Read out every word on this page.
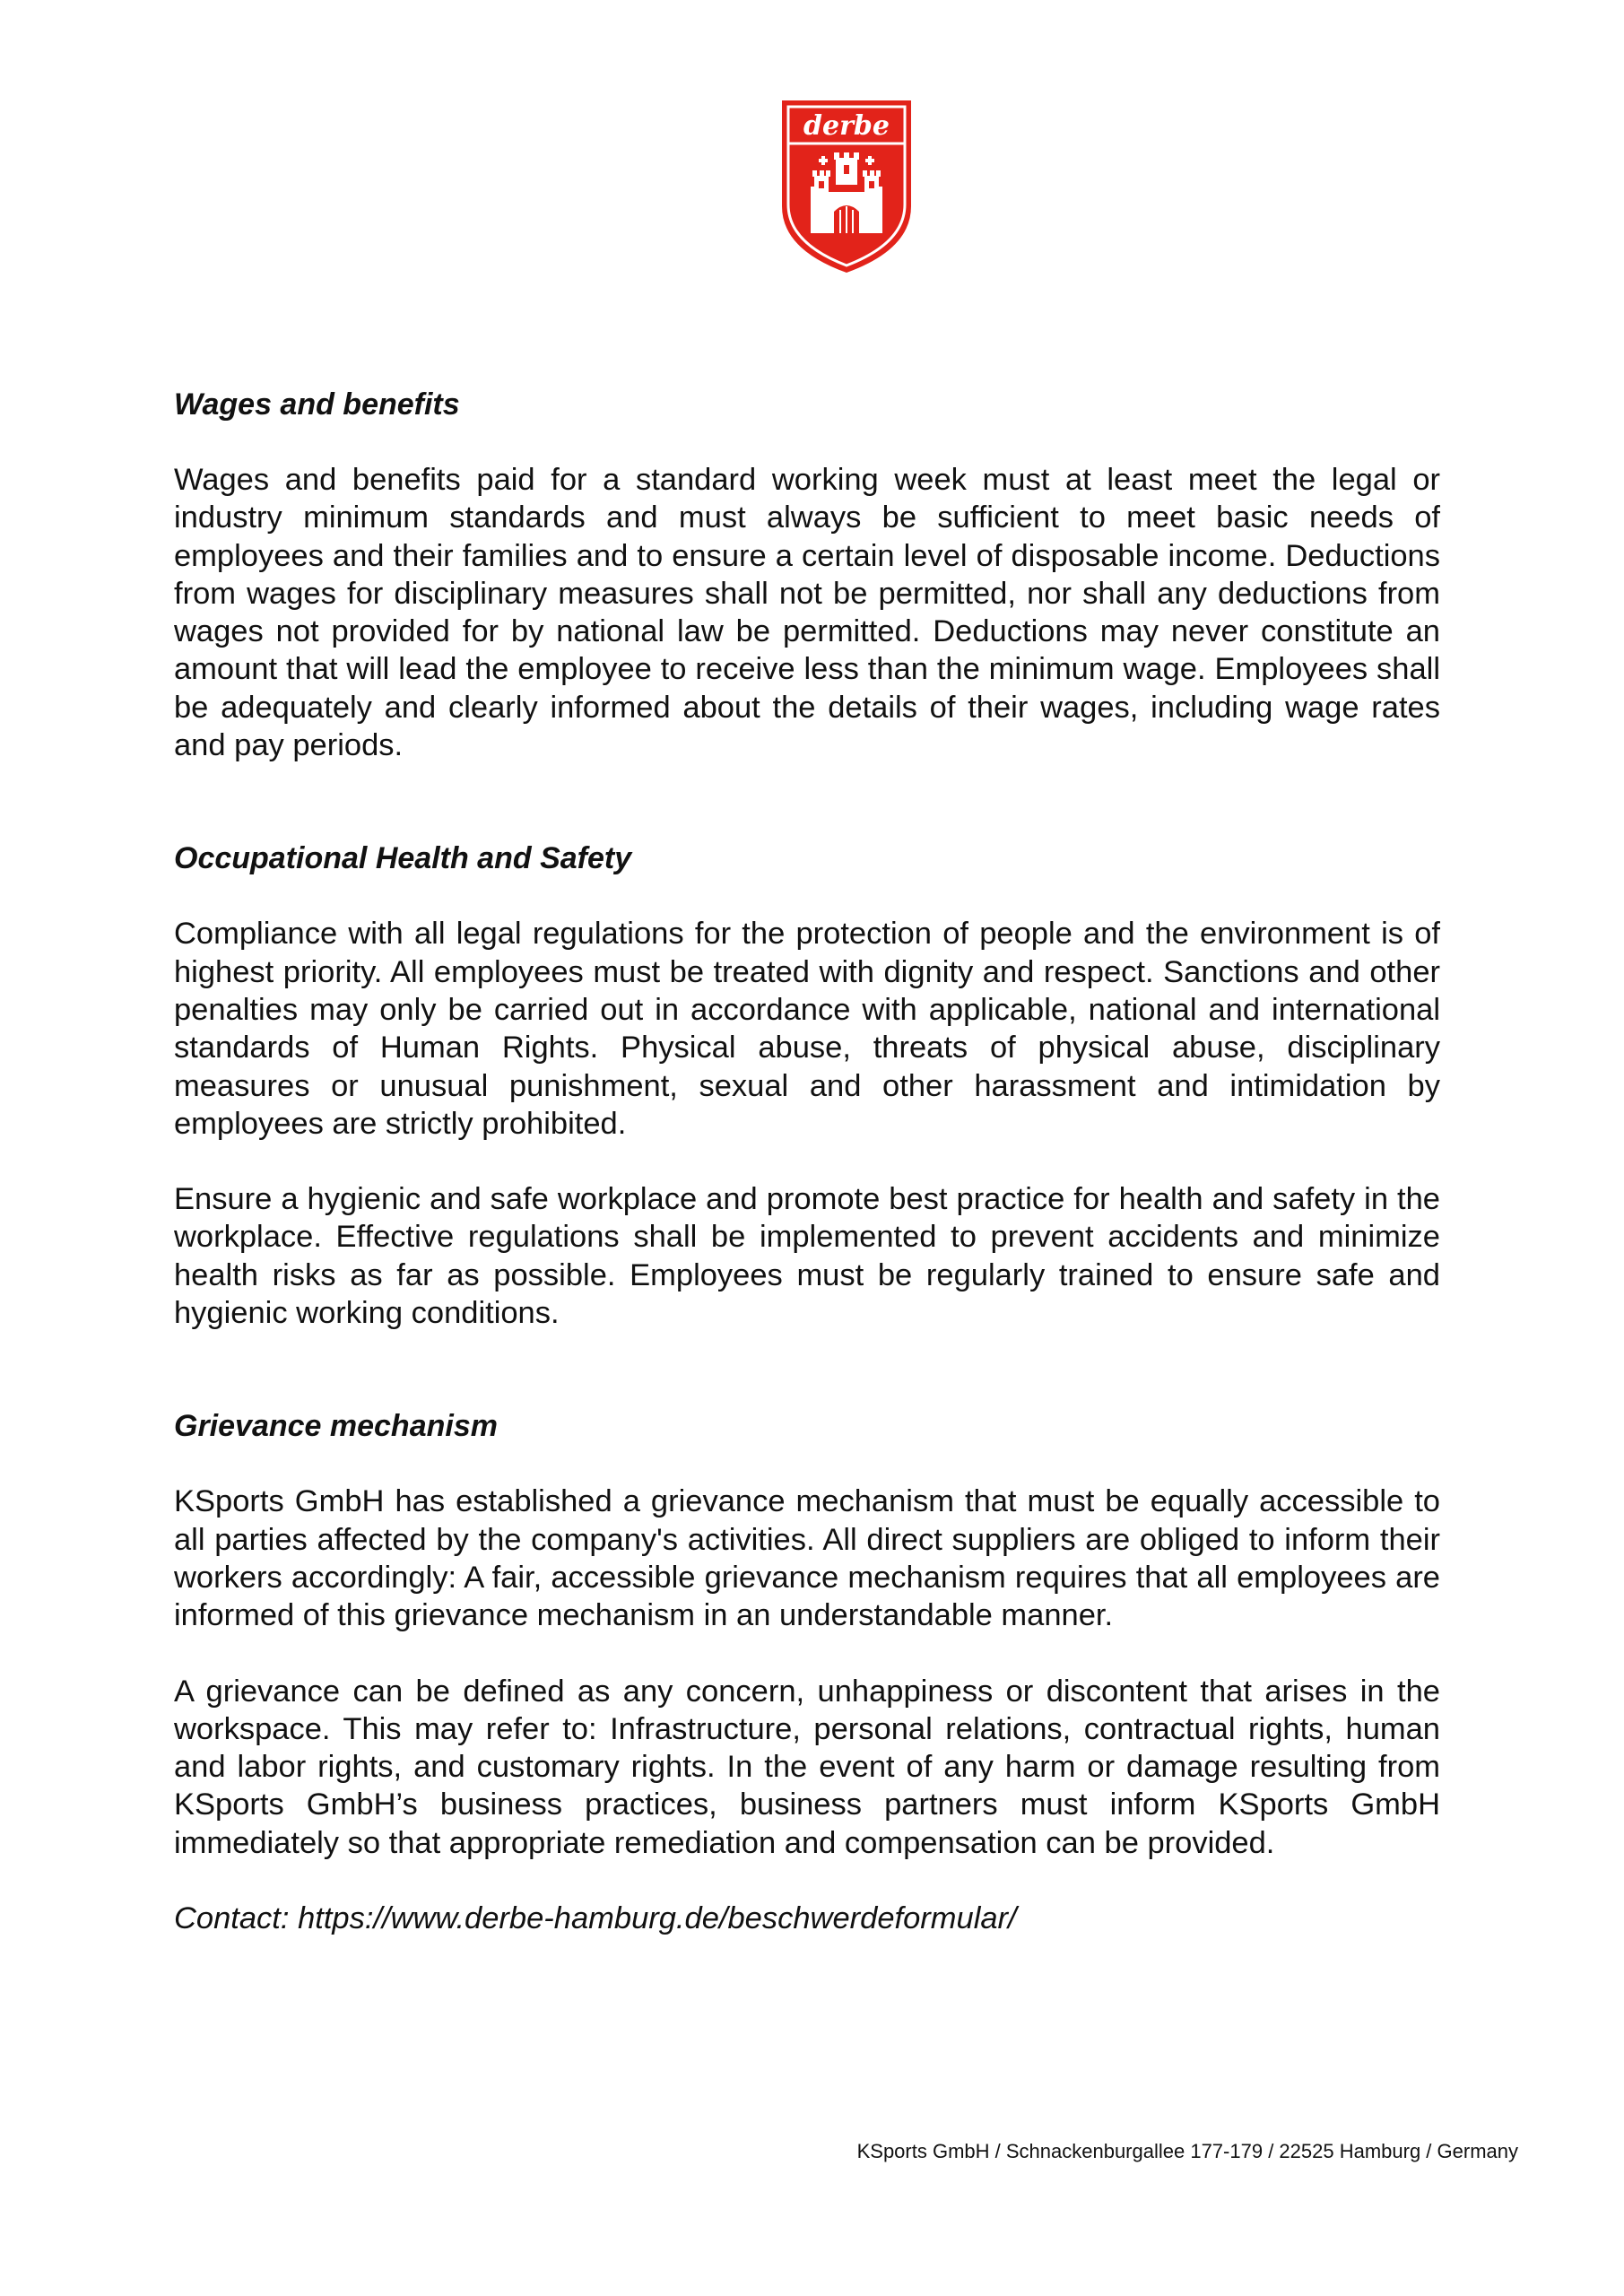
derbe
Wages and benefits

Wages and benefits paid for a standard working week must at least meet the legal or industry minimum standards and must always be sufficient to meet basic needs of employees and their families and to ensure a certain level of disposable income. Deductions from wages for disciplinary measures shall not be permitted, nor shall any deductions from wages not provided for by national law be permitted. Deductions may never constitute an amount that will lead the employee to receive less than the minimum wage. Employees shall be adequately and clearly informed about the details of their wages, including wage rates and pay periods.

Occupational Health and Safety

Compliance with all legal regulations for the protection of people and the environment is of highest priority. All employees must be treated with dignity and respect. Sanctions and other penalties may only be carried out in accordance with applicable, national and international standards of Human Rights. Physical abuse, threats of physical abuse, disciplinary measures or unusual punishment, sexual and other harassment and intimidation by employees are strictly prohibited.

Ensure a hygienic and safe workplace and promote best practice for health and safety in the workplace. Effective regulations shall be implemented to prevent accidents and minimize health risks as far as possible. Employees must be regularly trained to ensure safe and hygienic working conditions.

Grievance mechanism

KSports GmbH has established a grievance mechanism that must be equally accessible to all parties affected by the company's activities. All direct suppliers are obliged to inform their workers accordingly: A fair, accessible grievance mechanism requires that all employees are informed of this grievance mechanism in an understandable manner.

A grievance can be defined as any concern, unhappiness or discontent that arises in the workspace. This may refer to: Infrastructure, personal relations, contractual rights, human and labor rights, and customary rights. In the event of any harm or damage resulting from KSports GmbH’s business practices, business partners must inform KSports GmbH immediately so that appropriate remediation and compensation can be provided.

Contact: https://www.derbe-hamburg.de/beschwerdeformular/

KSports GmbH / Schnackenburgallee 177-179 / 22525 Hamburg / Germany
